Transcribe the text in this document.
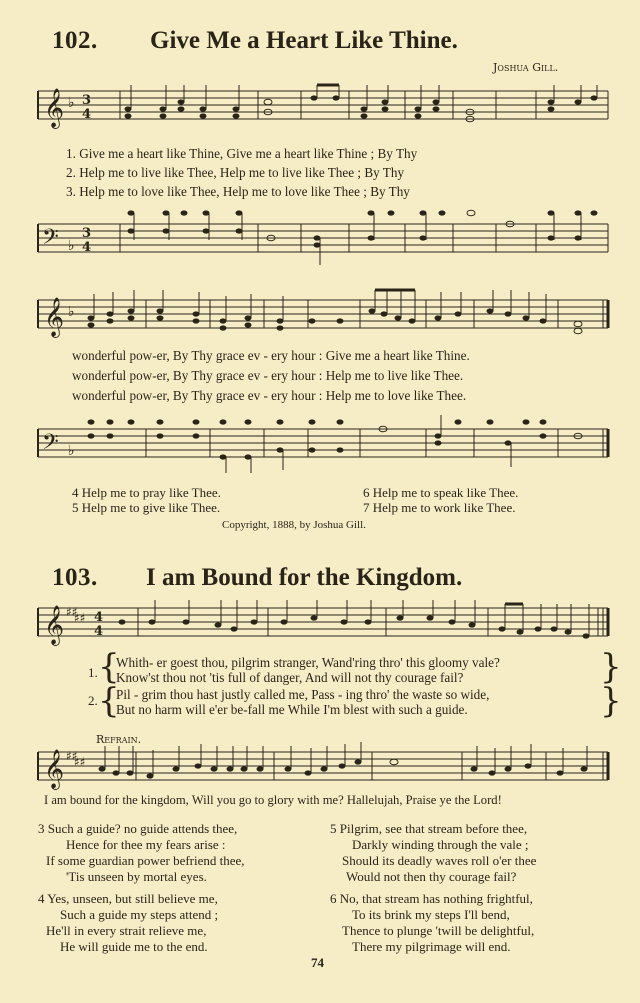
102. Give Me a Heart Like Thine.
Joshua Gill.
𝄞 ♭ 3
4
1. Give me a heart like Thine, Give me a heart like Thine ; By Thy
2. Help me to live like Thee, Help me to live like Thee ; By Thy
3. Help me to love like Thee, Help me to love like Thee ; By Thy
𝄢 ♭
3
4
𝄞 ♭
wonderful pow-er, By Thy grace ev - ery hour : Give me a heart like Thine.
wonderful pow-er, By Thy grace ev - ery hour : Help me to live like Thee.
wonderful pow-er, By Thy grace ev - ery hour : Help me to love like Thee.
𝄢 ♭
4 Help me to pray like Thee.
5 Help me to give like Thee.
6 Help me to speak like Thee.
7 Help me to work like Thee.
Copyright, 1888, by Joshua Gill.
103. I am Bound for the Kingdom.
𝄞 ♯♯
♯♯ 4
4
1.
2.
{
{
}
}
Whith- er goest thou, pilgrim stranger, Wand'ring thro' this gloomy vale?
Know'st thou not 'tis full of danger, And will not thy courage fail?
Pil - grim thou hast justly called me, Pass - ing thro' the waste so wide,
But no harm will e'er be-fall me While I'm blest with such a guide.
Refrain.
𝄞 ♯♯
♯♯
I am bound for the kingdom, Will you go to glory with me? Hallelujah, Praise ye the Lord!
3 Such a guide? no guide attends thee,
Hence for thee my fears arise :
If some guardian power befriend thee,
'Tis unseen by mortal eyes.
4 Yes, unseen, but still believe me,
Such a guide my steps attend ;
He'll in every strait relieve me,
He will guide me to the end.
5 Pilgrim, see that stream before thee,
Darkly winding through the vale ;
Should its deadly waves roll o'er thee
Would not then thy courage fail?
6 No, that stream has nothing frightful,
To its brink my steps I'll bend,
Thence to plunge 'twill be delightful,
There my pilgrimage will end.
74
